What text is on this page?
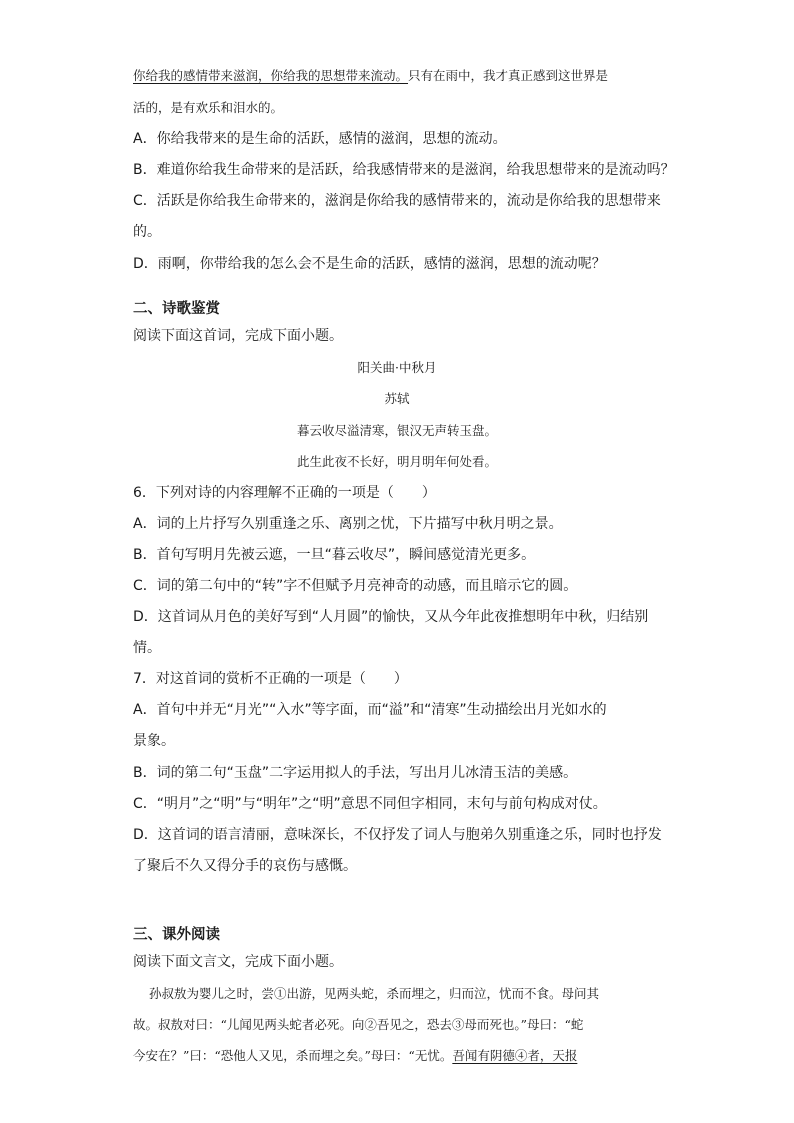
你给我的感情带来滋润，你给我的思想带来流动。只有在雨中，我才真正感到这世界是
活的，是有欢乐和泪水的。
A．你给我带来的是生命的活跃，感情的滋润，思想的流动。
B．难道你给我生命带来的是活跃，给我感情带来的是滋润，给我思想带来的是流动吗？
C．活跃是你给我生命带来的，滋润是你给我的感情带来的，流动是你给我的思想带来
的。
D．雨啊，你带给我的怎么会不是生命的活跃，感情的滋润，思想的流动呢？
二、诗歌鉴赏
阅读下面这首词，完成下面小题。
阳关曲·中秋月
苏轼
暮云收尽溢清寒，银汉无声转玉盘。
此生此夜不长好，明月明年何处看。
6．下列对诗的内容理解不正确的一项是（　　）
A．词的上片抒写久别重逢之乐、离别之忧，下片描写中秋月明之景。
B．首句写明月先被云遮，一旦“暮云收尽”，瞬间感觉清光更多。
C．词的第二句中的“转”字不但赋予月亮神奇的动感，而且暗示它的圆。
D．这首词从月色的美好写到“人月圆”的愉快，又从今年此夜推想明年中秋，归结别
情。
7．对这首词的赏析不正确的一项是（　　）
A．首句中并无“月光”“入水”等字面，而“溢”和“清寒”生动描绘出月光如水的
景象。
B．词的第二句“玉盘”二字运用拟人的手法，写出月儿冰清玉洁的美感。
C．“明月”之“明”与“明年”之“明”意思不同但字相同，末句与前句构成对仗。
D．这首词的语言清丽，意味深长，不仅抒发了词人与胞弟久别重逢之乐，同时也抒发
了聚后不久又得分手的哀伤与感慨。
三、课外阅读
阅读下面文言文，完成下面小题。
孙叔敖为婴儿之时，尝①出游，见两头蛇，杀而埋之，归而泣，忧而不食。母问其
故。叔敖对曰：“儿闻见两头蛇者必死。向②吾见之，恐去③母而死也。”母曰：“蛇
今安在？”曰：“恐他人又见，杀而埋之矣。”母曰：“无忧。吾闻有阴德④者，天报
